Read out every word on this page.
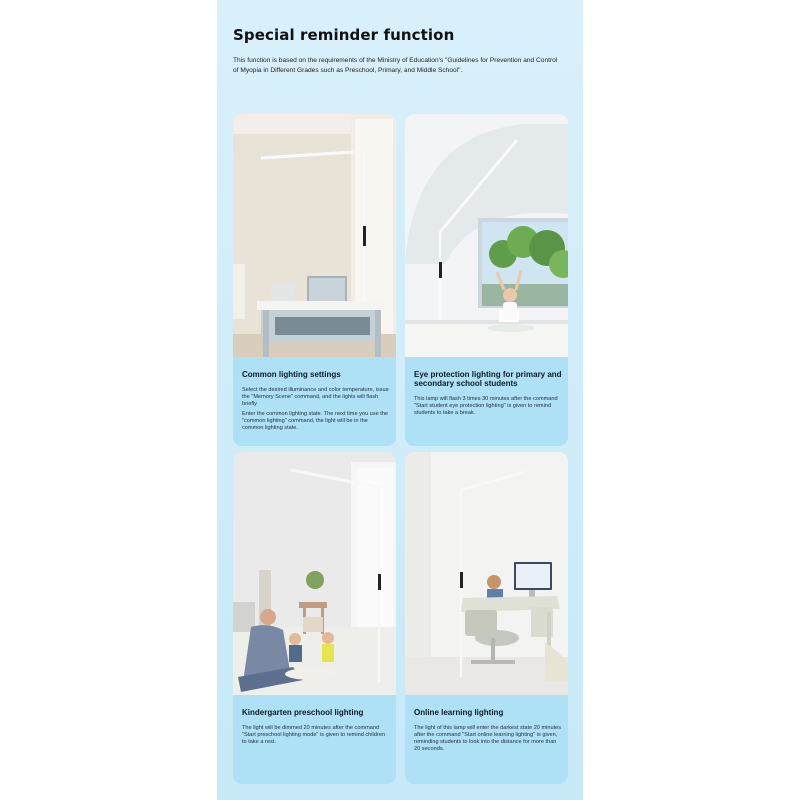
Special reminder function

This function is based on the requirements of the Ministry of Education's "Guidelines for Prevention and Control of Myopia in Different Grades such as Preschool, Primary, and Middle School".

Common lighting settings

Select the desired illuminance and color temperature, issue the "Memory Scene" command, and the lights will flash briefly

Enter the common lighting state. The next time you use the "common lighting" command, the light will be in the common lighting state.

Eye protection lighting for primary and secondary school students

This lamp will flash 3 times 30 minutes after the command "Start student eye protection lighting" is given to remind students to take a break.

Kindergarten preschool lighting

The light will be dimmed 20 minutes after the command "Start preschool lighting mode" is given to remind children to take a rest.

Online learning lighting

The light of this lamp will enter the darkest state 20 minutes after the command "Start online learning lighting" is given, reminding students to look into the distance for more than 20 seconds.
